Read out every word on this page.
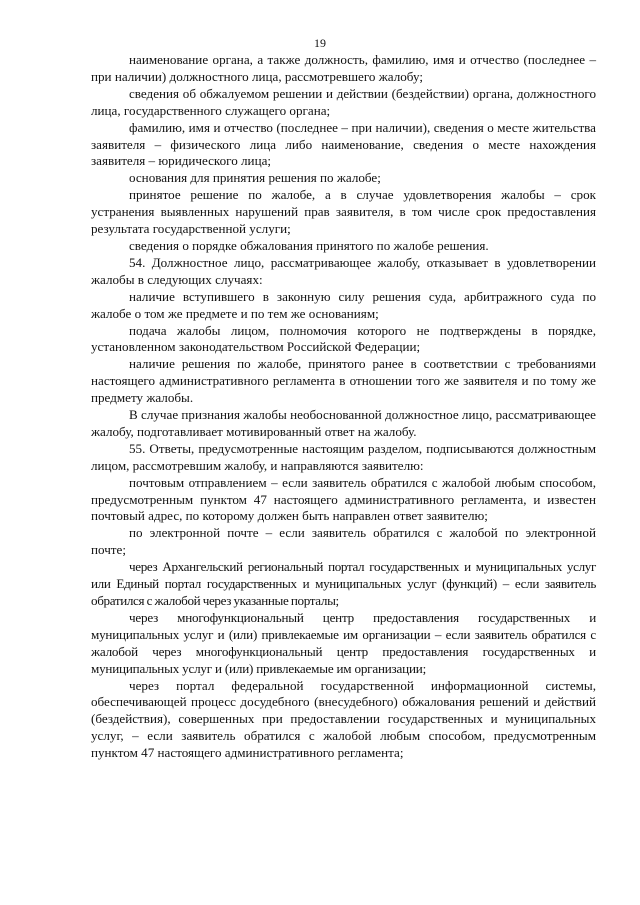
19

наименование органа, а также должность, фамилию, имя и отчество (последнее – при наличии) должностного лица, рассмотревшего жалобу;

сведения об обжалуемом решении и действии (бездействии) органа, должностного лица, государственного служащего органа;

фамилию, имя и отчество (последнее – при наличии), сведения о месте жительства заявителя – физического лица либо наименование, сведения о месте нахождения заявителя – юридического лица;

основания для принятия решения по жалобе;

принятое решение по жалобе, а в случае удовлетворения жалобы – срок устранения выявленных нарушений прав заявителя, в том числе срок предоставления результата государственной услуги;

сведения о порядке обжалования принятого по жалобе решения.

54. Должностное лицо, рассматривающее жалобу, отказывает в удовлетворении жалобы в следующих случаях:

наличие вступившего в законную силу решения суда, арбитражного суда по жалобе о том же предмете и по тем же основаниям;

подача жалобы лицом, полномочия которого не подтверждены в порядке, установленном законодательством Российской Федерации;

наличие решения по жалобе, принятого ранее в соответствии с требованиями настоящего административного регламента в отношении того же заявителя и по тому же предмету жалобы.

В случае признания жалобы необоснованной должностное лицо, рассматривающее жалобу, подготавливает мотивированный ответ на жалобу.

55. Ответы, предусмотренные настоящим разделом, подписываются должностным лицом, рассмотревшим жалобу, и направляются заявителю:

почтовым отправлением – если заявитель обратился с жалобой любым способом, предусмотренным пунктом 47 настоящего административного регламента, и известен почтовый адрес, по которому должен быть направлен ответ заявителю;

по электронной почте – если заявитель обратился с жалобой по электронной почте;

через Архангельский региональный портал государственных и муниципальных услуг или Единый портал государственных и муниципальных услуг (функций) – если заявитель обратился с жалобой через указанные порталы;

через многофункциональный центр предоставления государственных и муниципальных услуг и (или) привлекаемые им организации – если заявитель обратился с жалобой через многофункциональный центр предоставления государственных и муниципальных услуг и (или) привлекаемые им организации;

через портал федеральной государственной информационной системы, обеспечивающей процесс досудебного (внесудебного) обжалования решений и действий (бездействия), совершенных при предоставлении государственных и муниципальных услуг, – если заявитель обратился с жалобой любым способом, предусмотренным пунктом 47 настоящего административного регламента;
